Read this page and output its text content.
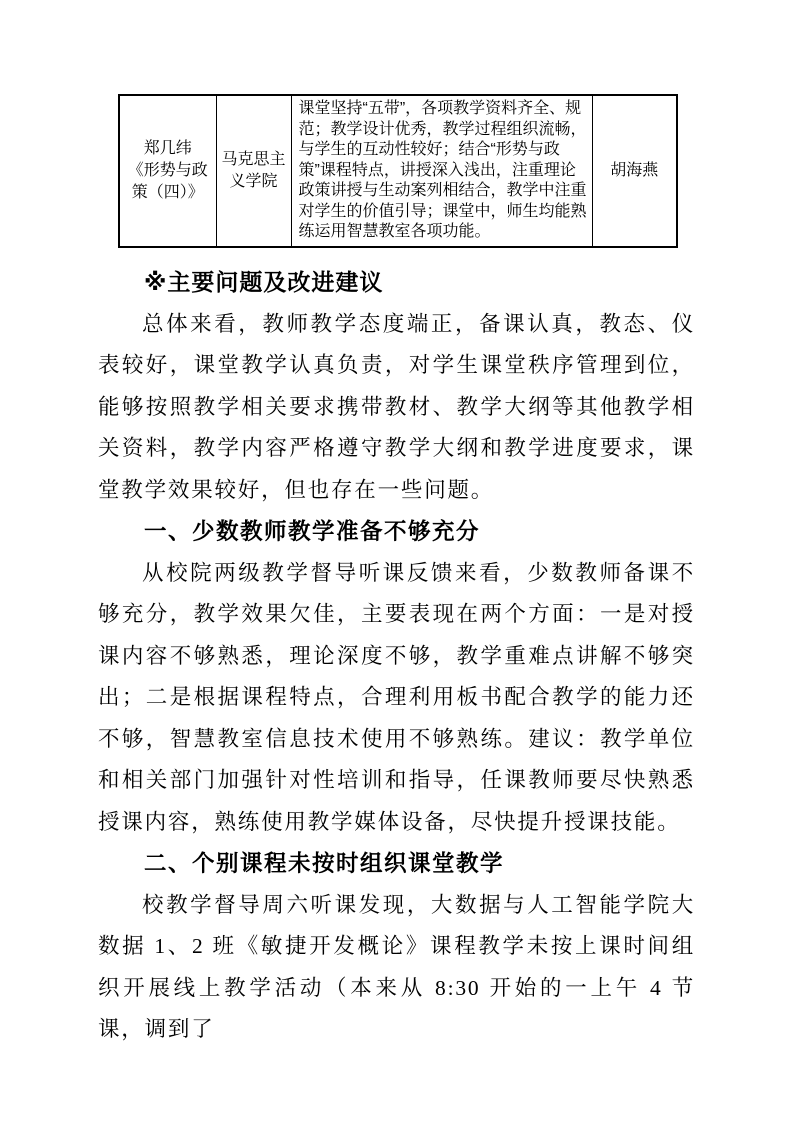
郑几纬
《形势与政策（四）》
	马克思主义学院	课堂坚持“五带”，各项教学资料齐全、规范；教学设计优秀，教学过程组织流畅，与学生的互动性较好；结合“形势与政策”课程特点，讲授深入浅出，注重理论政策讲授与生动案列相结合，教学中注重对学生的价值引导；课堂中，师生均能熟练运用智慧教室各项功能。	胡海燕
※主要问题及改进建议

总体来看，教师教学态度端正，备课认真，教态、仪表较好，课堂教学认真负责，对学生课堂秩序管理到位，能够按照教学相关要求携带教材、教学大纲等其他教学相关资料，教学内容严格遵守教学大纲和教学进度要求，课堂教学效果较好，但也存在一些问题。

一、少数教师教学准备不够充分

从校院两级教学督导听课反馈来看，少数教师备课不够充分，教学效果欠佳，主要表现在两个方面：一是对授课内容不够熟悉，理论深度不够，教学重难点讲解不够突出；二是根据课程特点，合理利用板书配合教学的能力还不够，智慧教室信息技术使用不够熟练。建议：教学单位和相关部门加强针对性培训和指导，任课教师要尽快熟悉授课内容，熟练使用教学媒体设备，尽快提升授课技能。

二、个别课程未按时组织课堂教学

校教学督导周六听课发现，大数据与人工智能学院大数据 1、2 班《敏捷开发概论》课程教学未按上课时间组织开展线上教学活动（本来从 8:30 开始的一上午 4 节课，调到了
